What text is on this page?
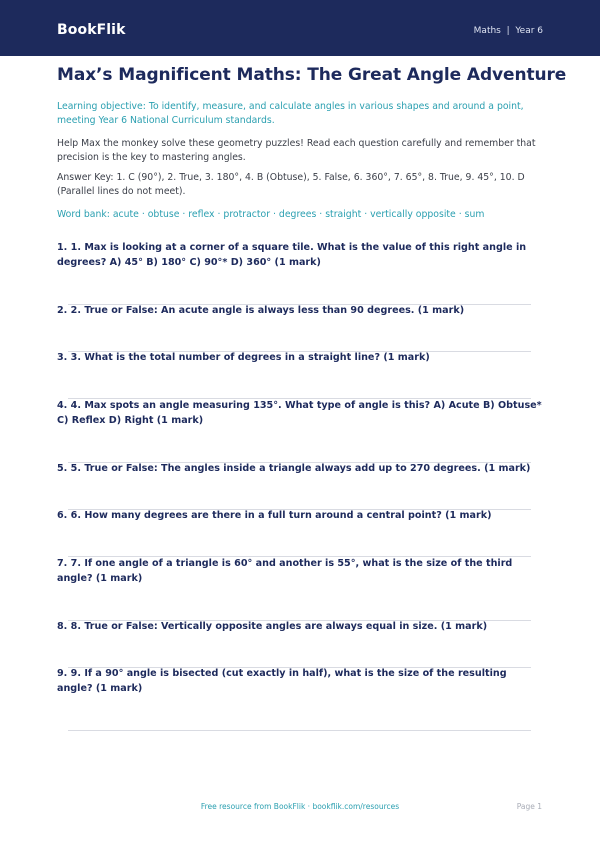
BookFlik	Maths  |  Year 6
Max’s Magnificent Maths: The Great Angle Adventure
Learning objective: To identify, measure, and calculate angles in various shapes and around a point, meeting Year 6 National Curriculum standards.
Help Max the monkey solve these geometry puzzles! Read each question carefully and remember that precision is the key to mastering angles.
Answer Key: 1. C (90°), 2. True, 3. 180°, 4. B (Obtuse), 5. False, 6. 360°, 7. 65°, 8. True, 9. 45°, 10. D (Parallel lines do not meet).
Word bank: acute · obtuse · reflex · protractor · degrees · straight · vertically opposite · sum
1. 1. Max is looking at a corner of a square tile. What is the value of this right angle in degrees? A) 45° B) 180° C) 90°* D) 360° (1 mark)
2. 2. True or False: An acute angle is always less than 90 degrees. (1 mark)
3. 3. What is the total number of degrees in a straight line? (1 mark)
4. 4. Max spots an angle measuring 135°. What type of angle is this? A) Acute B) Obtuse* C) Reflex D) Right (1 mark)
5. 5. True or False: The angles inside a triangle always add up to 270 degrees. (1 mark)
6. 6. How many degrees are there in a full turn around a central point? (1 mark)
7. 7. If one angle of a triangle is 60° and another is 55°, what is the size of the third angle? (1 mark)
8. 8. True or False: Vertically opposite angles are always equal in size. (1 mark)
9. 9. If a 90° angle is bisected (cut exactly in half), what is the size of the resulting angle? (1 mark)
Free resource from BookFlik · bookflik.com/resources	Page 1
